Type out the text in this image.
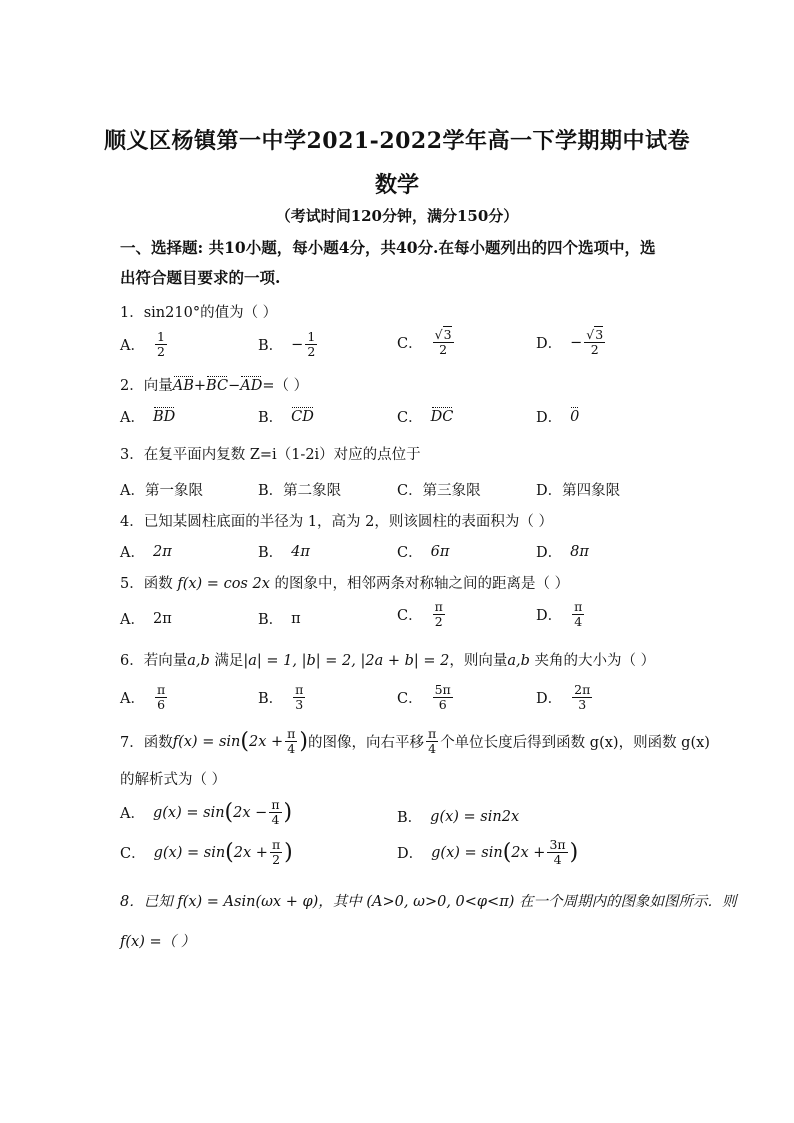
顺义区杨镇第一中学2021-2022学年高一下学期期中试卷
数学
（考试时间120分钟，满分150分）
一、选择题: 共10小题，每小题4分，共40分.在每小题列出的四个选项中，选
出符合题目要求的一项.
1．sin210°的值为（ ）
A． $\frac{1}{2}$	B． − $\frac{1}{2}$	C． $\frac{√3}{2}$	D． − $\frac{√3}{2}$
2．向量AB+BC−AD=（ ）
A． BD	B． CD	C． DC	D． 0
3．在复平面内复数 Z=i（1-2i）对应的点位于
A．第一象限	B．第二象限	C．第三象限	D．第四象限
4．已知某圆柱底面的半径为 1，高为 2，则该圆柱的表面积为（ ）
A． 2π	B． 4π	C． 6π	D． 8π
5．函数 f(x) = cos 2x 的图象中，相邻两条对称轴之间的距离是（ ）
A． 2π	B． π	C． $\frac{\pi}{2}$	D． $\frac{\pi}{4}$
6．若向量a,b 满足|a| = 1, |b| = 2, |2a + b| = 2，则向量a,b 夹角的大小为（ ）
A． $\frac{\pi}{6}$	B． $\frac{\pi}{3}$	C． $\frac{5\pi}{6}$	D． $\frac{2\pi}{3}$
7．函数 f(x) = sin ( $2x + \frac{\pi}{4}$ ) 的图像，向右平移 $\frac{\pi}{4}$ 个单位长度后得到函数 g(x)，则函数 g(x)
的解析式为（ ）
A． g(x) = sin ( $2x - \frac{\pi}{4}$ )	B． g(x) = sin2x
C． g(x) = sin ( $2x + \frac{\pi}{2}$ )	D． g(x) = sin ( $2x + \frac{3\pi}{4}$ )
8．已知 f(x) = Asin(ωx + φ)，其中 (A>0, ω>0, 0<φ<π) 在一个周期内的图象如图所示．则
f(x) =（ ）
